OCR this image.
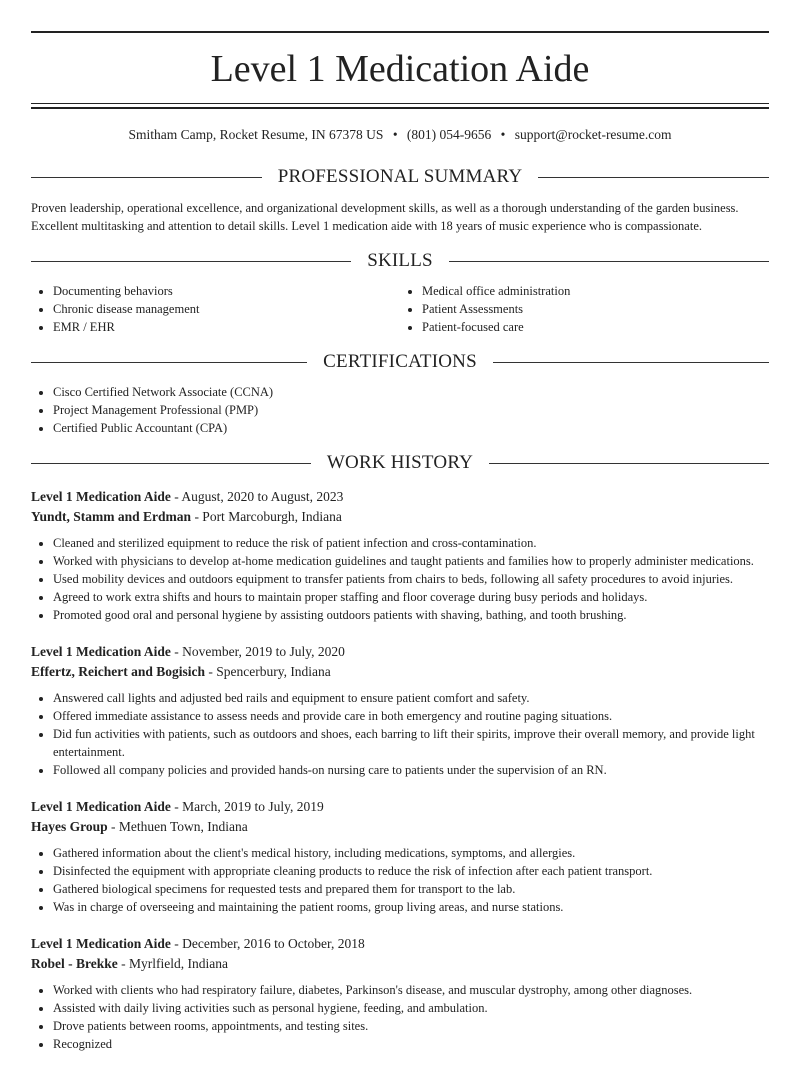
Level 1 Medication Aide
Smitham Camp, Rocket Resume, IN 67378 US • (801) 054-9656 • support@rocket-resume.com
PROFESSIONAL SUMMARY
Proven leadership, operational excellence, and organizational development skills, as well as a thorough understanding of the garden business. Excellent multitasking and attention to detail skills. Level 1 medication aide with 18 years of music experience who is compassionate.
SKILLS
• Documenting behaviors
• Chronic disease management
• EMR / EHR
• Medical office administration
• Patient Assessments
• Patient-focused care
CERTIFICATIONS
• Cisco Certified Network Associate (CCNA)
• Project Management Professional (PMP)
• Certified Public Accountant (CPA)
WORK HISTORY
Level 1 Medication Aide - August, 2020 to August, 2023
Yundt, Stamm and Erdman - Port Marcoburgh, Indiana
• Cleaned and sterilized equipment to reduce the risk of patient infection and cross-contamination.
• Worked with physicians to develop at-home medication guidelines and taught patients and families how to properly administer medications.
• Used mobility devices and outdoors equipment to transfer patients from chairs to beds, following all safety procedures to avoid injuries.
• Agreed to work extra shifts and hours to maintain proper staffing and floor coverage during busy periods and holidays.
• Promoted good oral and personal hygiene by assisting outdoors patients with shaving, bathing, and tooth brushing.
Level 1 Medication Aide - November, 2019 to July, 2020
Effertz, Reichert and Bogisich - Spencerbury, Indiana
• Answered call lights and adjusted bed rails and equipment to ensure patient comfort and safety.
• Offered immediate assistance to assess needs and provide care in both emergency and routine paging situations.
• Did fun activities with patients, such as outdoors and shoes, each barring to lift their spirits, improve their overall memory, and provide light entertainment.
• Followed all company policies and provided hands-on nursing care to patients under the supervision of an RN.
Level 1 Medication Aide - March, 2019 to July, 2019
Hayes Group - Methuen Town, Indiana
• Gathered information about the client's medical history, including medications, symptoms, and allergies.
• Disinfected the equipment with appropriate cleaning products to reduce the risk of infection after each patient transport.
• Gathered biological specimens for requested tests and prepared them for transport to the lab.
• Was in charge of overseeing and maintaining the patient rooms, group living areas, and nurse stations.
Level 1 Medication Aide - December, 2016 to October, 2018
Robel - Brekke - Myrlfield, Indiana
• Worked with clients who had respiratory failure, diabetes, Parkinson's disease, and muscular dystrophy, among other diagnoses.
• Assisted with daily living activities such as personal hygiene, feeding, and ambulation.
• Drove patients between rooms, appointments, and testing sites.
• Recognized
